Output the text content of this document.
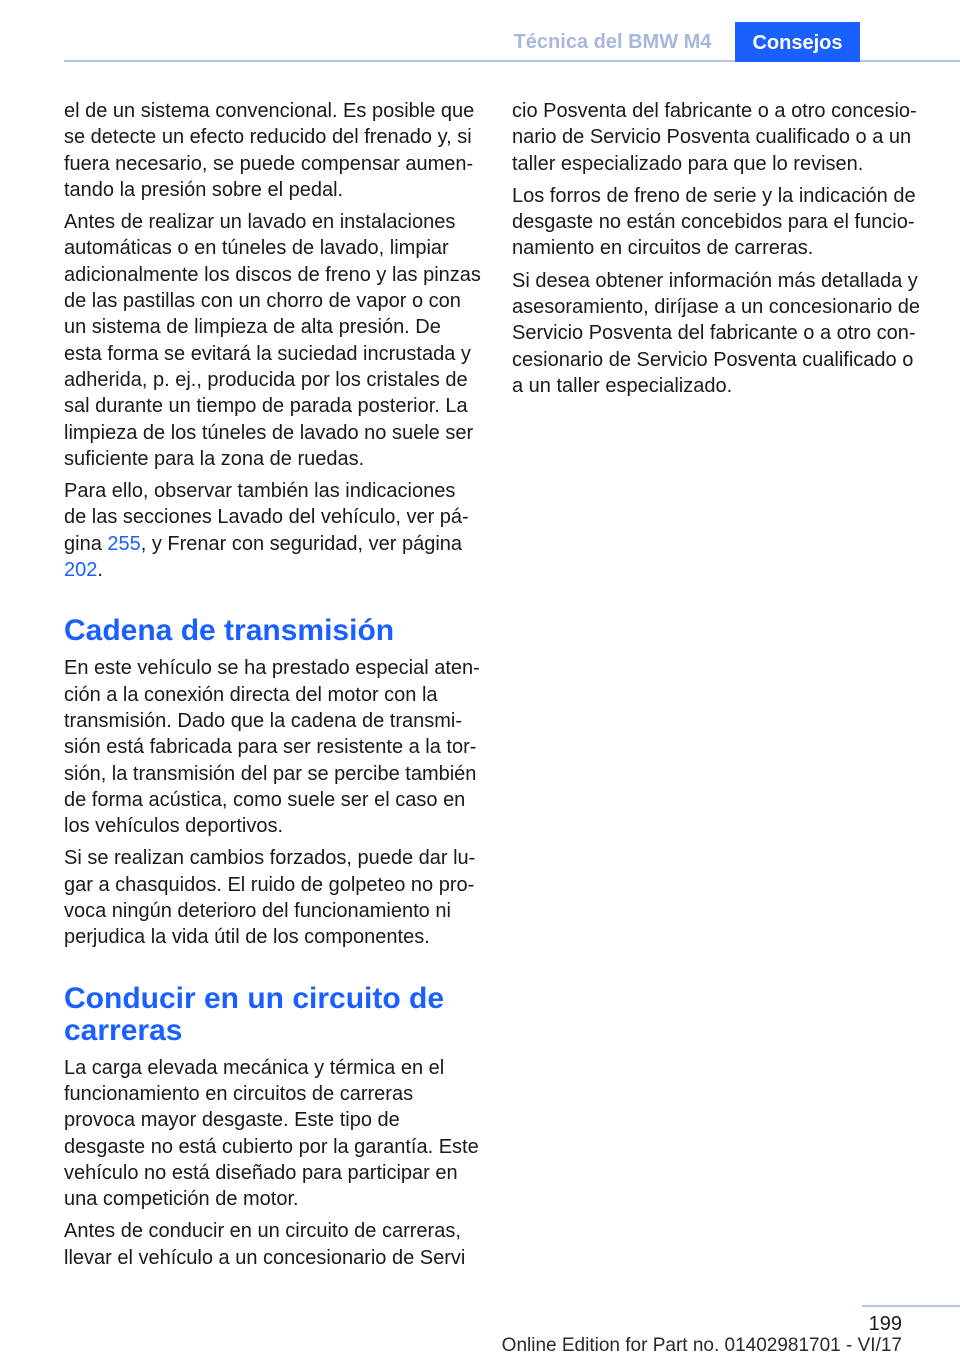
Técnica del BMW M4	Consejos

el de un sistema convencional. Es posible que se detecte un efecto reducido del frenado y, si fuera necesario, se puede compensar aumentando la presión sobre el pedal.

Antes de realizar un lavado en instalaciones automáticas o en túneles de lavado, limpiar adicionalmente los discos de freno y las pinzas de las pastillas con un chorro de vapor o con un sistema de limpieza de alta presión. De esta forma se evitará la suciedad incrustada y adherida, p. ej., producida por los cristales de sal durante un tiempo de parada posterior. La limpieza de los túneles de lavado no suele ser suficiente para la zona de ruedas.

Para ello, observar también las indicaciones de las secciones Lavado del vehículo, ver página 255, y Frenar con seguridad, ver página 202.

Cadena de transmisión

En este vehículo se ha prestado especial atención a la conexión directa del motor con la transmisión. Dado que la cadena de transmisión está fabricada para ser resistente a la torsión, la transmisión del par se percibe también de forma acústica, como suele ser el caso en los vehículos deportivos.

Si se realizan cambios forzados, puede dar lugar a chasquidos. El ruido de golpeteo no provoca ningún deterioro del funcionamiento ni perjudica la vida útil de los componentes.

Conducir en un circuito de carreras

La carga elevada mecánica y térmica en el funcionamiento en circuitos de carreras provoca mayor desgaste. Este tipo de desgaste no está cubierto por la garantía. Este vehículo no está diseñado para participar en una competición de motor.

Antes de conducir en un circuito de carreras, llevar el vehículo a un concesionario de Servi

cio Posventa del fabricante o a otro concesionario de Servicio Posventa cualificado o a un taller especializado para que lo revisen.

Los forros de freno de serie y la indicación de desgaste no están concebidos para el funcionamiento en circuitos de carreras.

Si desea obtener información más detallada y asesoramiento, diríjase a un concesionario de Servicio Posventa del fabricante o a otro concesionario de Servicio Posventa cualificado o a un taller especializado.

199
Online Edition for Part no. 01402981701 - VI/17
